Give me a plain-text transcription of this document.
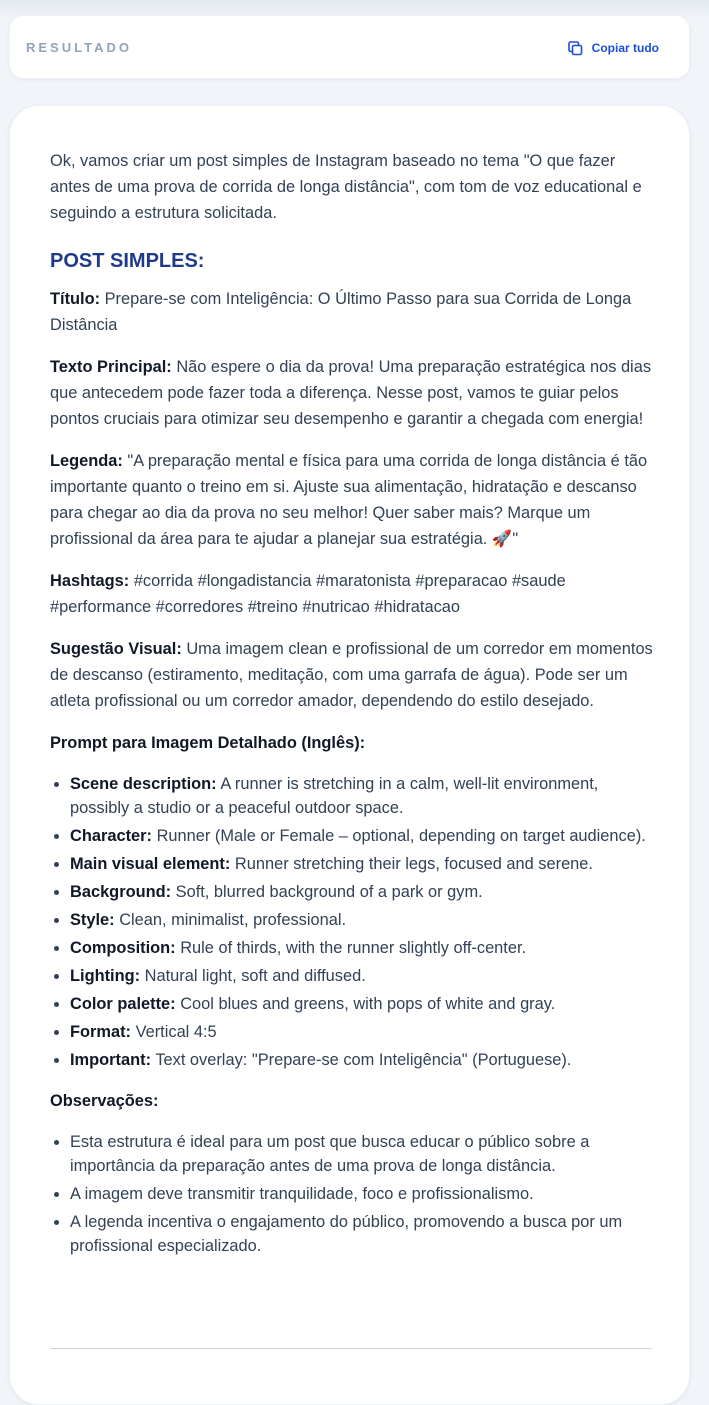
RESULTADO	Copiar tudo

Ok, vamos criar um post simples de Instagram baseado no tema "O que fazer antes de uma prova de corrida de longa distância", com tom de voz educational e seguindo a estrutura solicitada.

POST SIMPLES:

Título: Prepare-se com Inteligência: O Último Passo para sua Corrida de Longa Distância

Texto Principal: Não espere o dia da prova! Uma preparação estratégica nos dias que antecedem pode fazer toda a diferença. Nesse post, vamos te guiar pelos pontos cruciais para otimizar seu desempenho e garantir a chegada com energia!

Legenda: "A preparação mental e física para uma corrida de longa distância é tão importante quanto o treino em si. Ajuste sua alimentação, hidratação e descanso para chegar ao dia da prova no seu melhor! Quer saber mais? Marque um profissional da área para te ajudar a planejar sua estratégia. 🚀"

Hashtags: #corrida #longadistancia #maratonista #preparacao #saude #performance #corredores #treino #nutricao #hidratacao

Sugestão Visual: Uma imagem clean e profissional de um corredor em momentos de descanso (estiramento, meditação, com uma garrafa de água). Pode ser um atleta profissional ou um corredor amador, dependendo do estilo desejado.

Prompt para Imagem Detalhado (Inglês):

• Scene description: A runner is stretching in a calm, well-lit environment, possibly a studio or a peaceful outdoor space.
• Character: Runner (Male or Female – optional, depending on target audience).
• Main visual element: Runner stretching their legs, focused and serene.
• Background: Soft, blurred background of a park or gym.
• Style: Clean, minimalist, professional.
• Composition: Rule of thirds, with the runner slightly off-center.
• Lighting: Natural light, soft and diffused.
• Color palette: Cool blues and greens, with pops of white and gray.
• Format: Vertical 4:5
• Important: Text overlay: "Prepare-se com Inteligência" (Portuguese).

Observações:

• Esta estrutura é ideal para um post que busca educar o público sobre a importância da preparação antes de uma prova de longa distância.
• A imagem deve transmitir tranquilidade, foco e profissionalismo.
• A legenda incentiva o engajamento do público, promovendo a busca por um profissional especializado.
